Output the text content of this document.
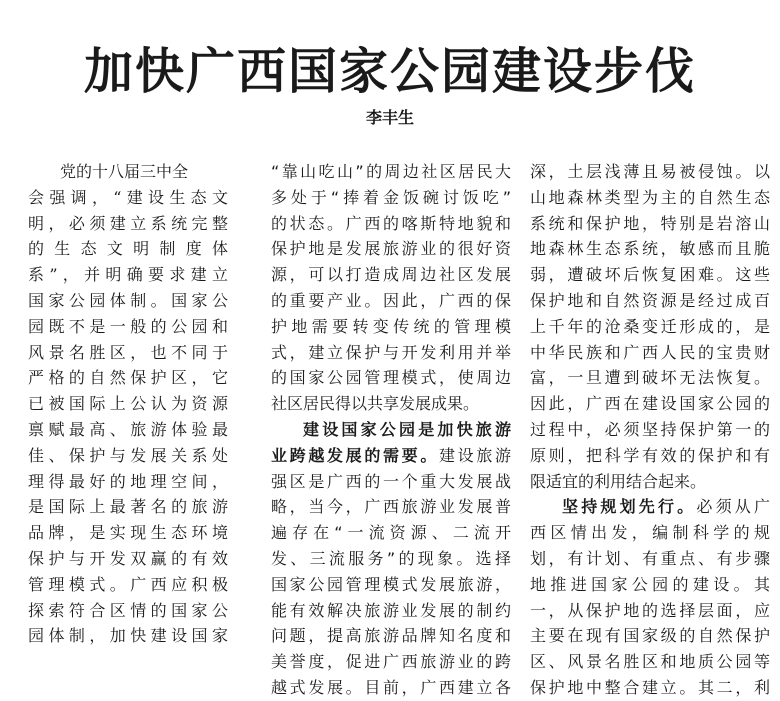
加快广西国家公园建设步伐
李丰生
党的十八届三中全
会强调，“建设生态文
明，必须建立系统完整
的生态文明制度体
系”，并明确要求建立
国家公园体制。国家公
园既不是一般的公园和
风景名胜区，也不同于
严格的自然保护区，它
已被国际上公认为资源
禀赋最高、旅游体验最
佳、保护与发展关系处
理得最好的地理空间，
是国际上最著名的旅游
品牌，是实现生态环境
保护与开发双赢的有效
管理模式。广西应积极
探索符合区情的国家公
园体制，加快建设国家
“靠山吃山”的周边社区居民大
多处于“捧着金饭碗讨饭吃”
的状态。广西的喀斯特地貌和
保护地是发展旅游业的很好资
源，可以打造成周边社区发展
的重要产业。因此，广西的保
护地需要转变传统的管理模
式，建立保护与开发利用并举
的国家公园管理模式，使周边
社区居民得以共享发展成果。
建设国家公园是加快旅游
业跨越发展的需要。建设旅游
强区是广西的一个重大发展战
略，当今，广西旅游业发展普
遍存在“一流资源、二流开
发、三流服务”的现象。选择
国家公园管理模式发展旅游，
能有效解决旅游业发展的制约
问题，提高旅游品牌知名度和
美誉度，促进广西旅游业的跨
越式发展。目前，广西建立各
深，土层浅薄且易被侵蚀。以
山地森林类型为主的自然生态
系统和保护地，特别是岩溶山
地森林生态系统，敏感而且脆
弱，遭破坏后恢复困难。这些
保护地和自然资源是经过成百
上千年的沧桑变迁形成的，是
中华民族和广西人民的宝贵财
富，一旦遭到破坏无法恢复。
因此，广西在建设国家公园的
过程中，必须坚持保护第一的
原则，把科学有效的保护和有
限适宜的利用结合起来。
坚持规划先行。必须从广
西区情出发，编制科学的规
划，有计划、有重点、有步骤
地推进国家公园的建设。其
一，从保护地的选择层面，应
主要在现有国家级的自然保护
区、风景名胜区和地质公园等
保护地中整合建立。其二，利
